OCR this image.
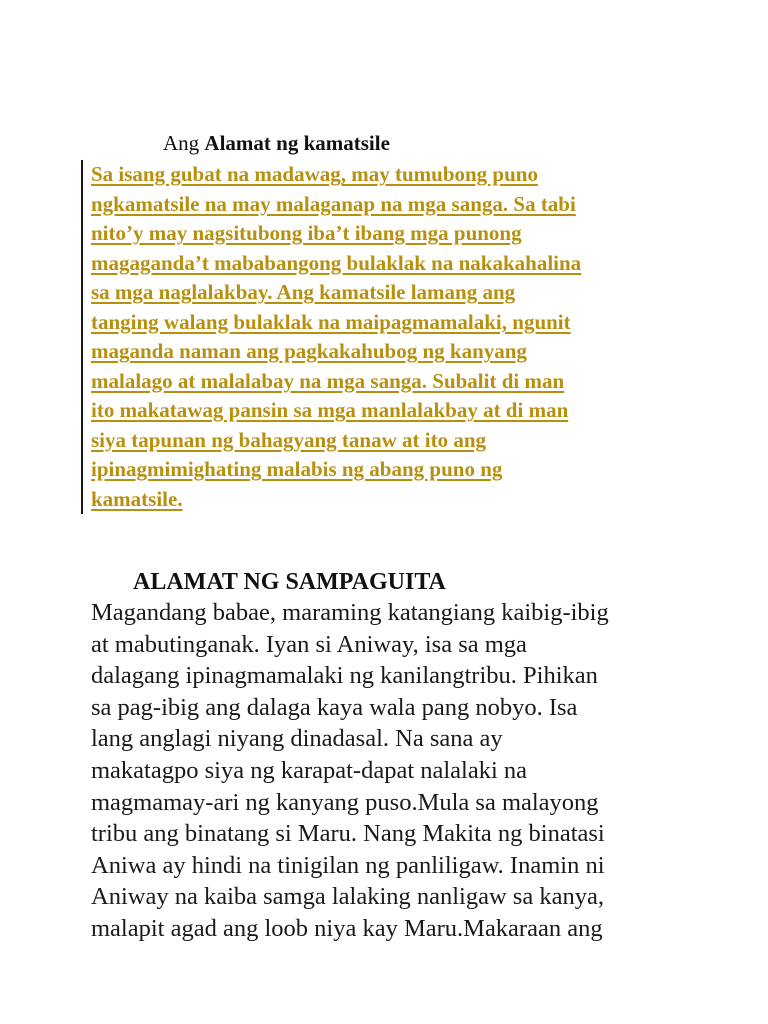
Ang Alamat ng kamatsile
Sa isang gubat na madawag, may tumubong puno
ngkamatsile na may malaganap na mga sanga. Sa tabi
nito’y may nagsitubong iba’t ibang mga punong
magaganda’t mababangong bulaklak na nakakahalina
sa mga naglalakbay. Ang kamatsile lamang ang
tanging walang bulaklak na maipagmamalaki, ngunit
maganda naman ang pagkakahubog ng kanyang
malalago at malalabay na mga sanga. Subalit di man
ito makatawag pansin sa mga manlalakbay at di man
siya tapunan ng bahagyang tanaw at ito ang
ipinagmimighating malabis ng abang puno ng
kamatsile.
ALAMAT NG SAMPAGUITA
Magandang babae, maraming katangiang kaibig-ibig
at mabutinganak. Iyan si Aniway, isa sa mga
dalagang ipinagmamalaki ng kanilangtribu. Pihikan
sa pag-ibig ang dalaga kaya wala pang nobyo. Isa
lang anglagi niyang dinadasal. Na sana ay
makatagpo siya ng karapat-dapat nalalaki na
magmamay-ari ng kanyang puso.Mula sa malayong
tribu ang binatang si Maru. Nang Makita ng binatasi
Aniwa ay hindi na tinigilan ng panliligaw. Inamin ni
Aniway na kaiba samga lalaking nanligaw sa kanya,
malapit agad ang loob niya kay Maru.Makaraan ang
